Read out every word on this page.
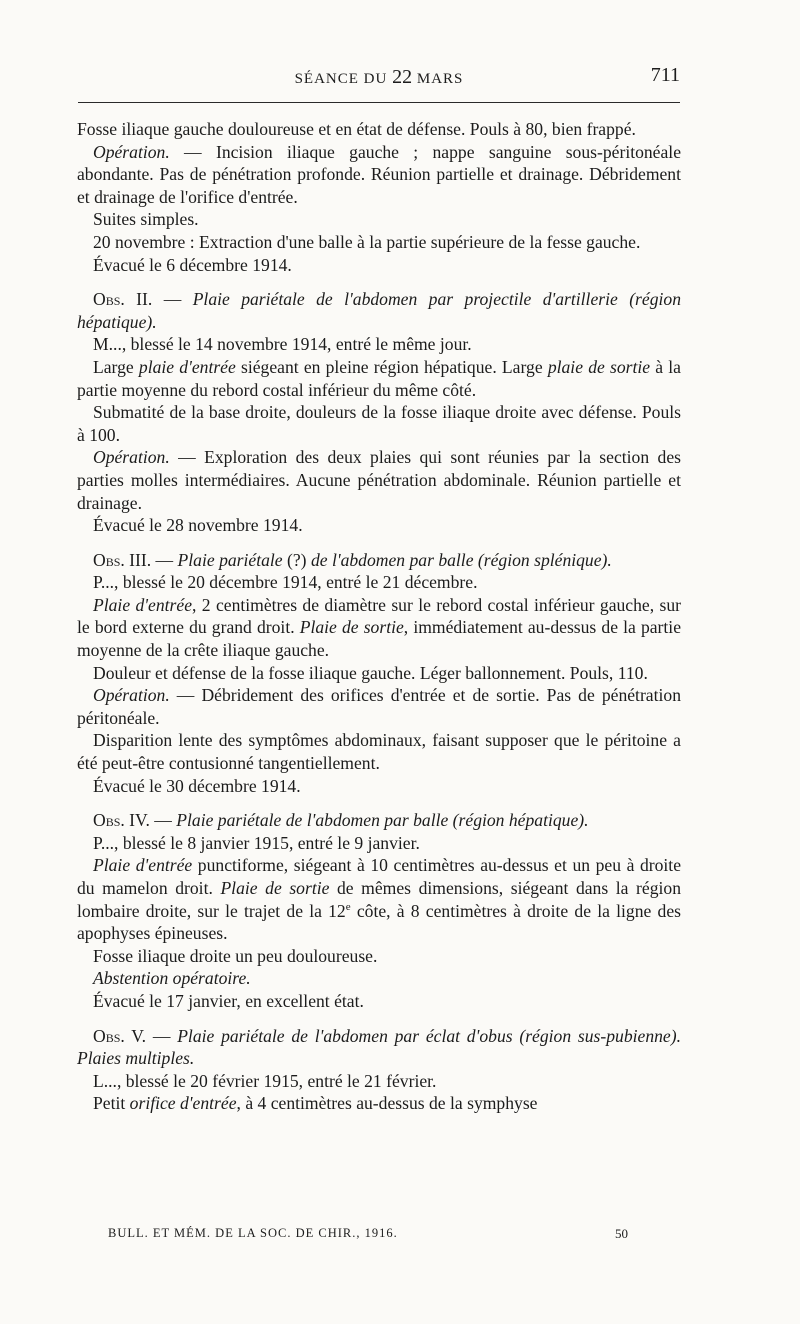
SÉANCE DU 22 MARS	711

Fosse iliaque gauche douloureuse et en état de défense. Pouls à 80, bien frappé.

Opération. — Incision iliaque gauche ; nappe sanguine sous-péritonéale abondante. Pas de pénétration profonde. Réunion partielle et drainage. Débridement et drainage de l'orifice d'entrée.

Suites simples.

20 novembre : Extraction d'une balle à la partie supérieure de la fesse gauche.

Évacué le 6 décembre 1914.

Obs. II. — Plaie pariétale de l'abdomen par projectile d'artillerie (région hépatique).

M..., blessé le 14 novembre 1914, entré le même jour.

Large plaie d'entrée siégeant en pleine région hépatique. Large plaie de sortie à la partie moyenne du rebord costal inférieur du même côté.

Submatité de la base droite, douleurs de la fosse iliaque droite avec défense. Pouls à 100.

Opération. — Exploration des deux plaies qui sont réunies par la section des parties molles intermédiaires. Aucune pénétration abdominale. Réunion partielle et drainage.

Évacué le 28 novembre 1914.

Obs. III. — Plaie pariétale (?) de l'abdomen par balle (région splénique).

P..., blessé le 20 décembre 1914, entré le 21 décembre.

Plaie d'entrée, 2 centimètres de diamètre sur le rebord costal inférieur gauche, sur le bord externe du grand droit. Plaie de sortie, immédiatement au-dessus de la partie moyenne de la crête iliaque gauche.

Douleur et défense de la fosse iliaque gauche. Léger ballonnement. Pouls, 110.

Opération. — Débridement des orifices d'entrée et de sortie. Pas de pénétration péritonéale.

Disparition lente des symptômes abdominaux, faisant supposer que le péritoine a été peut-être contusionné tangentiellement.

Évacué le 30 décembre 1914.

Obs. IV. — Plaie pariétale de l'abdomen par balle (région hépatique).

P..., blessé le 8 janvier 1915, entré le 9 janvier.

Plaie d'entrée punctiforme, siégeant à 10 centimètres au-dessus et un peu à droite du mamelon droit. Plaie de sortie de mêmes dimensions, siégeant dans la région lombaire droite, sur le trajet de la 12e côte, à 8 centimètres à droite de la ligne des apophyses épineuses.

Fosse iliaque droite un peu douloureuse.

Abstention opératoire.

Évacué le 17 janvier, en excellent état.

Obs. V. — Plaie pariétale de l'abdomen par éclat d'obus (région sus-pubienne). Plaies multiples.

L..., blessé le 20 février 1915, entré le 21 février.

Petit orifice d'entrée, à 4 centimètres au-dessus de la symphyse

BULL. ET MÉM. DE LA SOC. DE CHIR., 1916.	50
